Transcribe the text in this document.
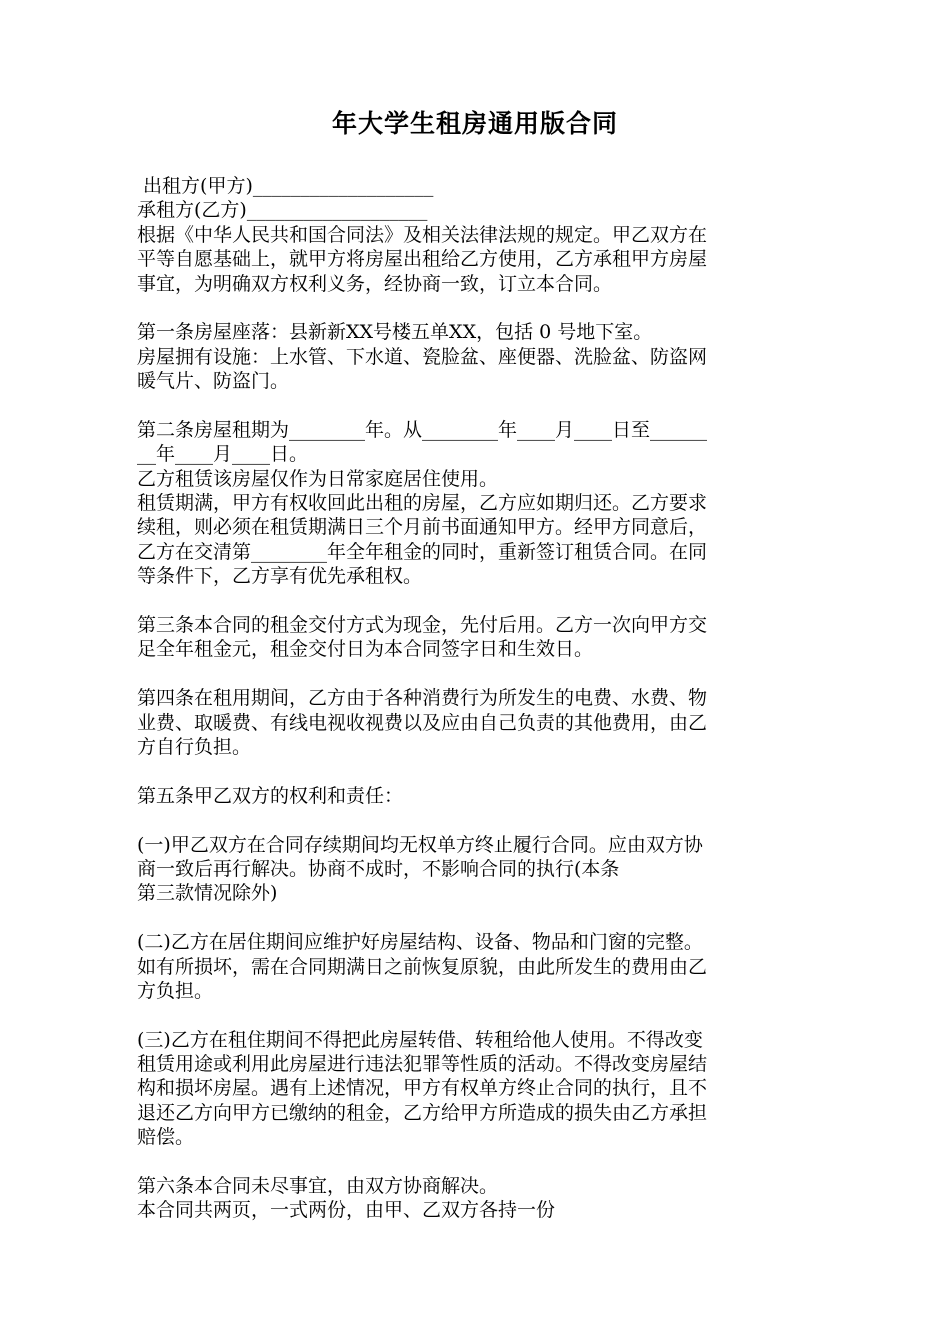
年大学生租房通用版合同
出租方(甲方)___________________
承租方(乙方)___________________
根据《中华人民共和国合同法》及相关法律法规的规定。甲乙双方在
平等自愿基础上，就甲方将房屋出租给乙方使用，乙方承租甲方房屋
事宜，为明确双方权利义务，经协商一致，订立本合同。
第一条房屋座落：县新新XX号楼五单XX，包括 0 号地下室。
房屋拥有设施：上水管、下水道、瓷脸盆、座便器、洗脸盆、防盗网
暖气片、防盗门。
第二条房屋租期为________年。从________年____月____日至______
__年____月____日。
乙方租赁该房屋仅作为日常家庭居住使用。
租赁期满，甲方有权收回此出租的房屋，乙方应如期归还。乙方要求
续租，则必须在租赁期满日三个月前书面通知甲方。经甲方同意后，
乙方在交清第________年全年租金的同时，重新签订租赁合同。在同
等条件下，乙方享有优先承租权。
第三条本合同的租金交付方式为现金，先付后用。乙方一次向甲方交
足全年租金元，租金交付日为本合同签字日和生效日。
第四条在租用期间，乙方由于各种消费行为所发生的电费、水费、物
业费、取暖费、有线电视收视费以及应由自己负责的其他费用，由乙
方自行负担。
第五条甲乙双方的权利和责任：
(一)甲乙双方在合同存续期间均无权单方终止履行合同。应由双方协
商一致后再行解决。协商不成时，不影响合同的执行(本条
第三款情况除外)
(二)乙方在居住期间应维护好房屋结构、设备、物品和门窗的完整。
如有所损坏，需在合同期满日之前恢复原貌，由此所发生的费用由乙
方负担。
(三)乙方在租住期间不得把此房屋转借、转租给他人使用。不得改变
租赁用途或利用此房屋进行违法犯罪等性质的活动。不得改变房屋结
构和损坏房屋。遇有上述情况，甲方有权单方终止合同的执行，且不
退还乙方向甲方已缴纳的租金，乙方给甲方所造成的损失由乙方承担
赔偿。
第六条本合同未尽事宜，由双方协商解决。
本合同共两页，一式两份，由甲、乙双方各持一份
